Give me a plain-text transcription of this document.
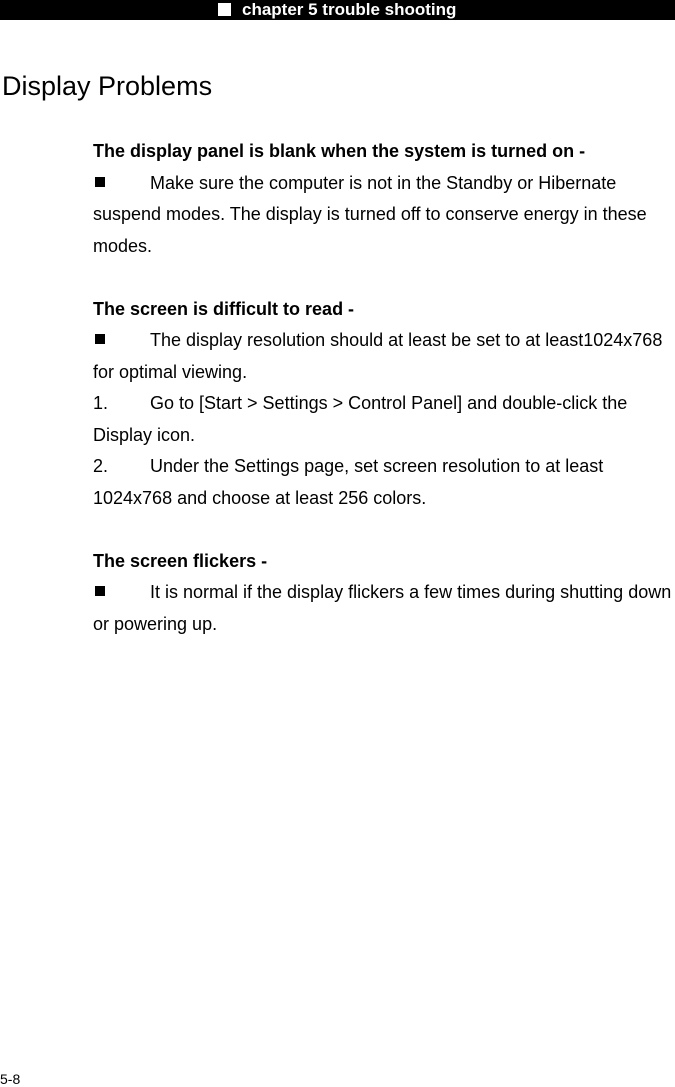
chapter 5 trouble shooting
Display Problems

The display panel is blank when the system is turned on -

Make sure the computer is not in the Standby or Hibernate suspend modes. The display is turned off to conserve energy in these modes.

The screen is difficult to read -

The display resolution should at least be set to at least1024x768 for optimal viewing.

1. Go to [Start > Settings > Control Panel] and double-click the Display icon.

2. Under the Settings page, set screen resolution to at least 1024x768 and choose at least 256 colors.

The screen flickers -

It is normal if the display flickers a few times during shutting down or powering up.

5-8
